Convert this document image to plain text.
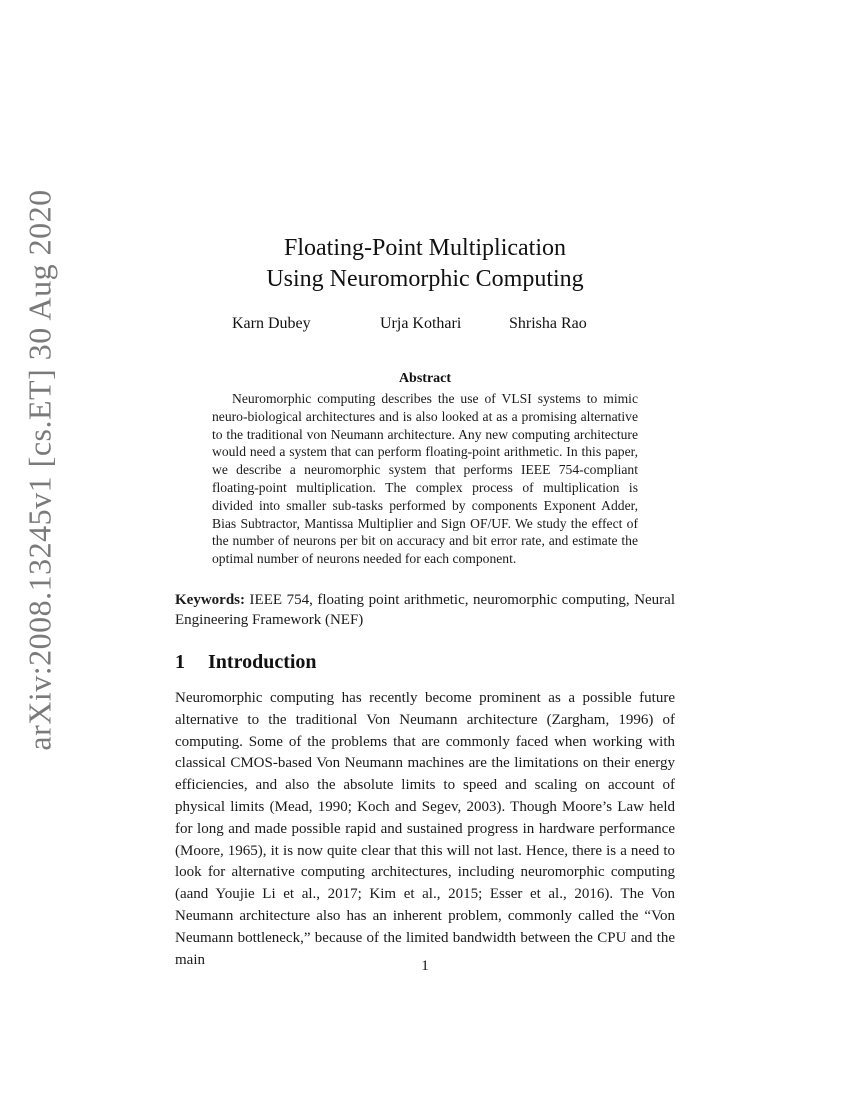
arXiv:2008.13245v1 [cs.ET] 30 Aug 2020	Floating-Point Multiplication
Using Neuromorphic Computing
Karn Dubey	Urja Kothari	Shrisha Rao
Abstract
Neuromorphic computing describes the use of VLSI systems to mimic neuro-biological architectures and is also looked at as a promising alternative to the traditional von Neumann architecture. Any new computing architecture would need a system that can perform floating-point arithmetic. In this paper, we describe a neuromorphic system that performs IEEE 754-compliant floating-point multiplication. The complex process of multiplication is divided into smaller sub-tasks performed by components Exponent Adder, Bias Subtractor, Mantissa Multiplier and Sign OF/UF. We study the effect of the number of neurons per bit on accuracy and bit error rate, and estimate the optimal number of neurons needed for each component.
Keywords: IEEE 754, floating point arithmetic, neuromorphic computing, Neural Engineering Framework (NEF)
1 Introduction
Neuromorphic computing has recently become prominent as a possible future alternative to the traditional Von Neumann architecture (Zargham, 1996) of computing. Some of the problems that are commonly faced when working with classical CMOS-based Von Neumann machines are the limitations on their energy efficiencies, and also the absolute limits to speed and scaling on account of physical limits (Mead, 1990; Koch and Segev, 2003). Though Moore’s Law held for long and made possible rapid and sustained progress in hardware performance (Moore, 1965), it is now quite clear that this will not last. Hence, there is a need to look for alternative computing architectures, including neuromorphic computing (aand Youjie Li et al., 2017; Kim et al., 2015; Esser et al., 2016). The Von Neumann architecture also has an inherent problem, commonly called the “Von Neumann bottleneck,” because of the limited bandwidth between the CPU and the main	1
